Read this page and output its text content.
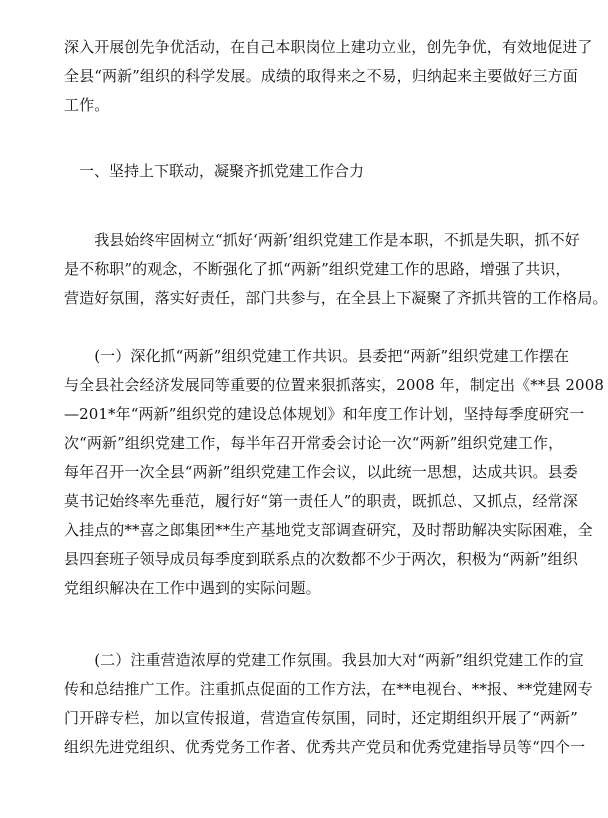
深入开展创先争优活动，在自己本职岗位上建功立业，创先争优，有效地促进了
全县“两新”组织的科学发展。成绩的取得来之不易，归纳起来主要做好三方面
工作。

　一、坚持上下联动，凝聚齐抓党建工作合力

　　我县始终牢固树立“抓好‘两新’组织党建工作是本职，不抓是失职，抓不好
是不称职”的观念，不断强化了抓“两新”组织党建工作的思路，增强了共识，
营造好氛围，落实好责任，部门共参与，在全县上下凝聚了齐抓共管的工作格局。

　　(一）深化抓“两新”组织党建工作共识。县委把“两新”组织党建工作摆在
与全县社会经济发展同等重要的位置来狠抓落实，2008 年，制定出《**县 2008
—201*年“两新”组织党的建设总体规划》和年度工作计划，坚持每季度研究一
次“两新”组织党建工作，每半年召开常委会讨论一次“两新”组织党建工作，
每年召开一次全县“两新”组织党建工作会议，以此统一思想，达成共识。县委
莫书记始终率先垂范，履行好“第一责任人”的职责，既抓总、又抓点，经常深
入挂点的**喜之郎集团**生产基地党支部调查研究，及时帮助解决实际困难，全
县四套班子领导成员每季度到联系点的次数都不少于两次，积极为“两新”组织
党组织解决在工作中遇到的实际问题。

　　(二）注重营造浓厚的党建工作氛围。我县加大对“两新”组织党建工作的宣
传和总结推广工作。注重抓点促面的工作方法，在**电视台、**报、**党建网专
门开辟专栏，加以宣传报道，营造宣传氛围，同时，还定期组织开展了“两新”
组织先进党组织、优秀党务工作者、优秀共产党员和优秀党建指导员等“四个一
